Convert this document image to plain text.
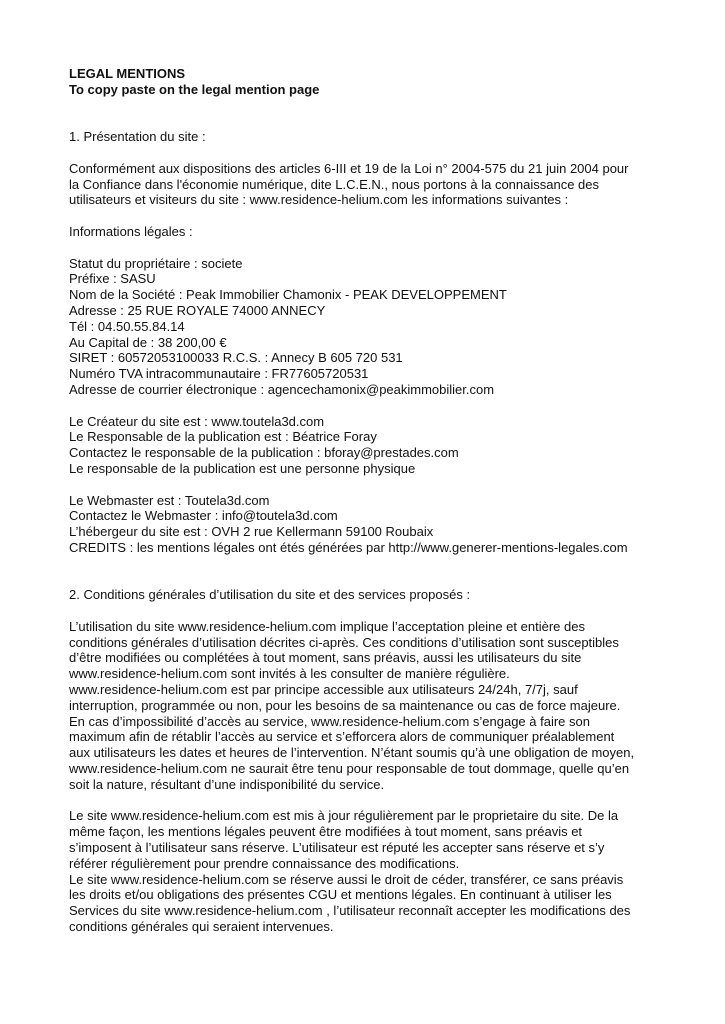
LEGAL MENTIONS
To copy paste on the legal mention page
1. Présentation du site :
Conformément aux dispositions des articles 6-III et 19 de la Loi n° 2004-575 du 21 juin 2004 pour
la Confiance dans l'économie numérique, dite L.C.E.N., nous portons à la connaissance des
utilisateurs et visiteurs du site : www.residence-helium.com les informations suivantes :
Informations légales :
Statut du propriétaire : societe
Préfixe : SASU
Nom de la Société : Peak Immobilier Chamonix - PEAK DEVELOPPEMENT
Adresse : 25 RUE ROYALE 74000 ANNECY
Tél : 04.50.55.84.14
Au Capital de : 38 200,00 €
SIRET : 60572053100033 R.C.S. : Annecy B 605 720 531
Numéro TVA intracommunautaire : FR77605720531
Adresse de courrier électronique : agencechamonix@peakimmobilier.com
Le Créateur du site est : www.toutela3d.com
Le Responsable de la publication est : Béatrice Foray
Contactez le responsable de la publication : bforay@prestades.com
Le responsable de la publication est une personne physique
Le Webmaster est : Toutela3d.com
Contactez le Webmaster : info@toutela3d.com
L’hébergeur du site est : OVH 2 rue Kellermann 59100 Roubaix
CREDITS : les mentions légales ont étés générées par http://www.generer-mentions-legales.com
2. Conditions générales d’utilisation du site et des services proposés :
L’utilisation du site www.residence-helium.com implique l’acceptation pleine et entière des
conditions générales d’utilisation décrites ci-après. Ces conditions d’utilisation sont susceptibles
d’être modifiées ou complétées à tout moment, sans préavis, aussi les utilisateurs du site
www.residence-helium.com sont invités à les consulter de manière régulière.
www.residence-helium.com est par principe accessible aux utilisateurs 24/24h, 7/7j, sauf
interruption, programmée ou non, pour les besoins de sa maintenance ou cas de force majeure.
En cas d’impossibilité d’accès au service, www.residence-helium.com s’engage à faire son
maximum afin de rétablir l’accès au service et s’efforcera alors de communiquer préalablement
aux utilisateurs les dates et heures de l’intervention. N’étant soumis qu’à une obligation de moyen,
www.residence-helium.com ne saurait être tenu pour responsable de tout dommage, quelle qu’en
soit la nature, résultant d’une indisponibilité du service.
Le site www.residence-helium.com est mis à jour régulièrement par le proprietaire du site. De la
même façon, les mentions légales peuvent être modifiées à tout moment, sans préavis et
s’imposent à l’utilisateur sans réserve. L’utilisateur est réputé les accepter sans réserve et s’y
référer régulièrement pour prendre connaissance des modifications.
Le site www.residence-helium.com se réserve aussi le droit de céder, transférer, ce sans préavis
les droits et/ou obligations des présentes CGU et mentions légales. En continuant à utiliser les
Services du site www.residence-helium.com , l’utilisateur reconnaît accepter les modifications des
conditions générales qui seraient intervenues.
